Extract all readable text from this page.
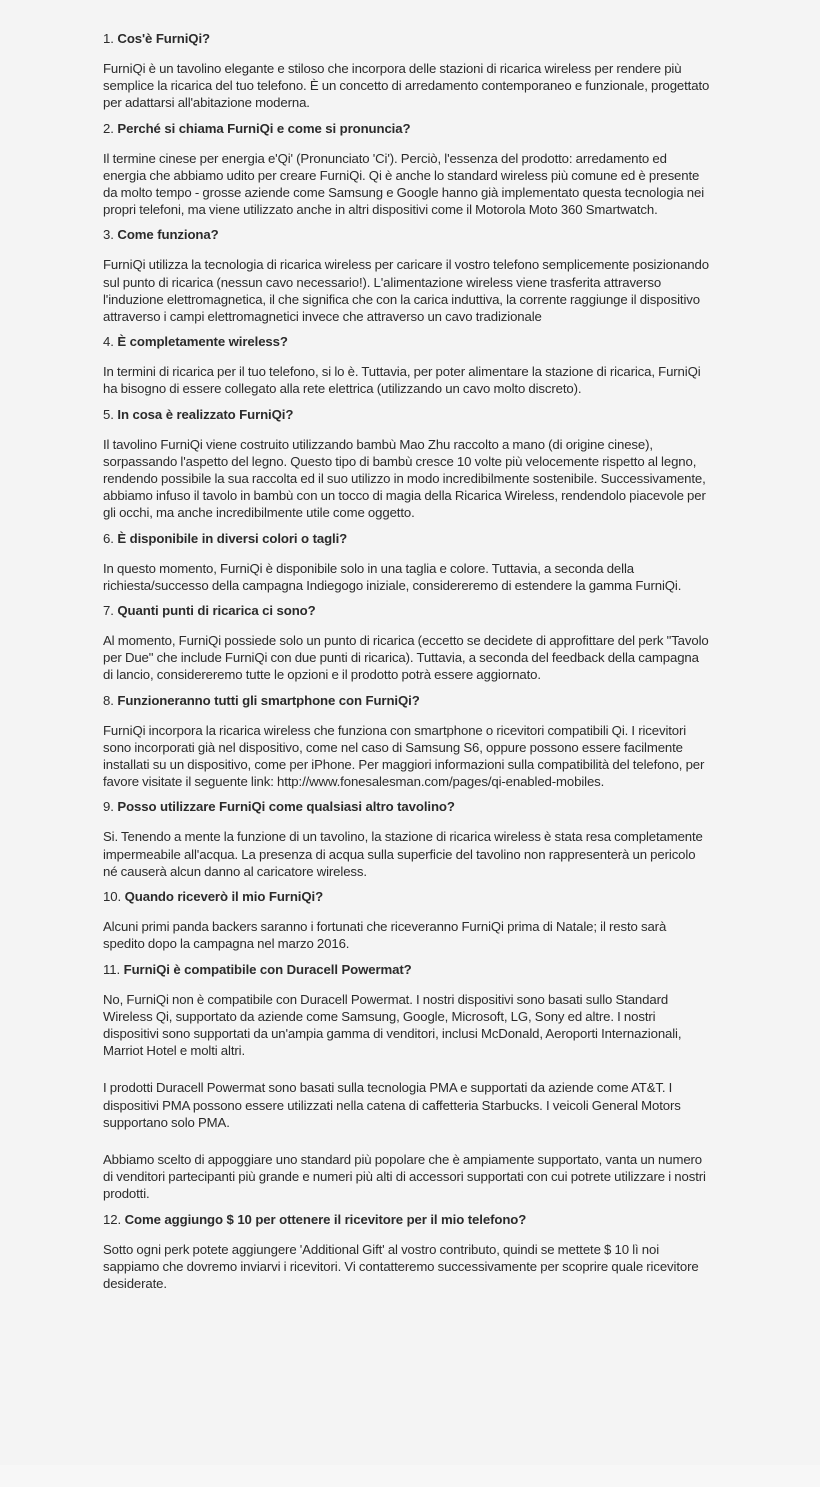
1. Cos'è FurniQi?

FurniQi è un tavolino elegante e stiloso che incorpora delle stazioni di ricarica wireless per rendere più semplice la ricarica del tuo telefono. È un concetto di arredamento contemporaneo e funzionale, progettato per adattarsi all'abitazione moderna.

2. Perché si chiama FurniQi e come si pronuncia?

Il termine cinese per energia e'Qi' (Pronunciato 'Ci'). Perciò, l'essenza del prodotto: arredamento ed energia che abbiamo udito per creare FurniQi. Qi è anche lo standard wireless più comune ed è presente da molto tempo - grosse aziende come Samsung e Google hanno già implementato questa tecnologia nei propri telefoni, ma viene utilizzato anche in altri dispositivi come il Motorola Moto 360 Smartwatch.

3. Come funziona?

FurniQi utilizza la tecnologia di ricarica wireless per caricare il vostro telefono semplicemente posizionando sul punto di ricarica (nessun cavo necessario!). L'alimentazione wireless viene trasferita attraverso l'induzione elettromagnetica, il che significa che con la carica induttiva, la corrente raggiunge il dispositivo attraverso i campi elettromagnetici invece che attraverso un cavo tradizionale

4. È completamente wireless?

In termini di ricarica per il tuo telefono, si lo è. Tuttavia, per poter alimentare la stazione di ricarica, FurniQi ha bisogno di essere collegato alla rete elettrica (utilizzando un cavo molto discreto).

5. In cosa è realizzato FurniQi?

Il tavolino FurniQi viene costruito utilizzando bambù Mao Zhu raccolto a mano (di origine cinese), sorpassando l'aspetto del legno. Questo tipo di bambù cresce 10 volte più velocemente rispetto al legno, rendendo possibile la sua raccolta ed il suo utilizzo in modo incredibilmente sostenibile. Successivamente, abbiamo infuso il tavolo in bambù con un tocco di magia della Ricarica Wireless, rendendolo piacevole per gli occhi, ma anche incredibilmente utile come oggetto.

6. È disponibile in diversi colori o tagli?

In questo momento, FurniQi è disponibile solo in una taglia e colore. Tuttavia, a seconda della richiesta/successo della campagna Indiegogo iniziale, considereremo di estendere la gamma FurniQi.

7. Quanti punti di ricarica ci sono?

Al momento, FurniQi possiede solo un punto di ricarica (eccetto se decidete di approfittare del perk "Tavolo per Due" che include FurniQi con due punti di ricarica). Tuttavia, a seconda del feedback della campagna di lancio, considereremo tutte le opzioni e il prodotto potrà essere aggiornato.

8. Funzioneranno tutti gli smartphone con FurniQi?

FurniQi incorpora la ricarica wireless che funziona con smartphone o ricevitori compatibili Qi. I ricevitori sono incorporati già nel dispositivo, come nel caso di Samsung S6, oppure possono essere facilmente installati su un dispositivo, come per iPhone. Per maggiori informazioni sulla compatibilità del telefono, per favore visitate il seguente link: http://www.fonesalesman.com/pages/qi-enabled-mobiles.

9. Posso utilizzare FurniQi come qualsiasi altro tavolino?

Si. Tenendo a mente la funzione di un tavolino, la stazione di ricarica wireless è stata resa completamente impermeabile all'acqua. La presenza di acqua sulla superficie del tavolino non rappresenterà un pericolo né causerà alcun danno al caricatore wireless.

10. Quando riceverò il mio FurniQi?

Alcuni primi panda backers saranno i fortunati che riceveranno FurniQi prima di Natale; il resto sarà spedito dopo la campagna nel marzo 2016.

11. FurniQi è compatibile con Duracell Powermat?

No, FurniQi non è compatibile con Duracell Powermat. I nostri dispositivi sono basati sullo Standard Wireless Qi, supportato da aziende come Samsung, Google, Microsoft, LG, Sony ed altre. I nostri dispositivi sono supportati da un'ampia gamma di venditori, inclusi McDonald, Aeroporti Internazionali, Marriot Hotel e molti altri.

I prodotti Duracell Powermat sono basati sulla tecnologia PMA e supportati da aziende come AT&T. I dispositivi PMA possono essere utilizzati nella catena di caffetteria Starbucks. I veicoli General Motors supportano solo PMA.

Abbiamo scelto di appoggiare uno standard più popolare che è ampiamente supportato, vanta un numero di venditori partecipanti più grande e numeri più alti di accessori supportati con cui potrete utilizzare i nostri prodotti.

12. Come aggiungo $ 10 per ottenere il ricevitore per il mio telefono?

Sotto ogni perk potete aggiungere 'Additional Gift' al vostro contributo, quindi se mettete $ 10 lì noi sappiamo che dovremo inviarvi i ricevitori. Vi contatteremo successivamente per scoprire quale ricevitore desiderate.
